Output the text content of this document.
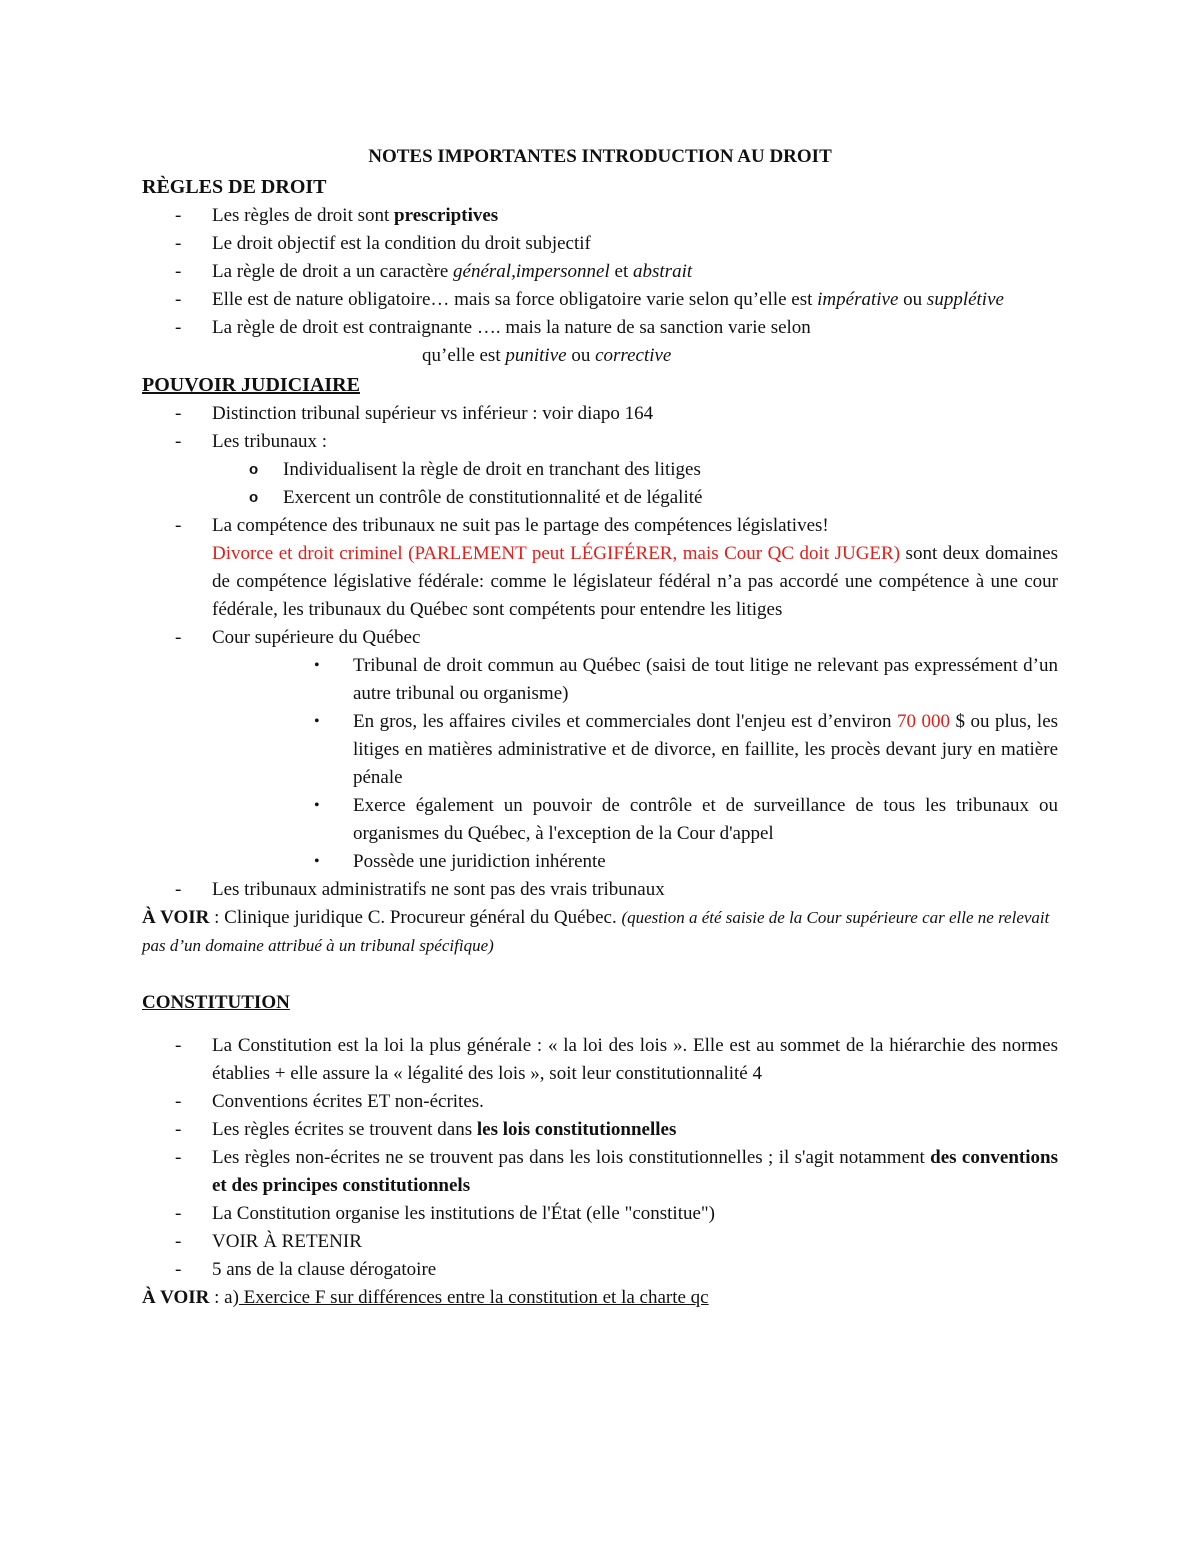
NOTES IMPORTANTES INTRODUCTION AU DROIT

RÈGLES DE DROIT

- Les règles de droit sont prescriptives
- Le droit objectif est la condition du droit subjectif
- La règle de droit a un caractère général,impersonnel et abstrait
- Elle est de nature obligatoire… mais sa force obligatoire varie selon qu’elle est impérative ou supplétive
- La règle de droit est contraignante …. mais la nature de sa sanction varie selon
qu’elle est punitive ou corrective

POUVOIR JUDICIAIRE

- Distinction tribunal supérieur vs inférieur : voir diapo 164
- Les tribunaux :
o Individualisent la règle de droit en tranchant des litiges
o Exercent un contrôle de constitutionnalité et de légalité
- La compétence des tribunaux ne suit pas le partage des compétences législatives!
Divorce et droit criminel (PARLEMENT peut LÉGIFÉRER, mais Cour QC doit JUGER) sont deux domaines de compétence législative fédérale: comme le législateur fédéral n’a pas accordé une compétence à une cour fédérale, les tribunaux du Québec sont compétents pour entendre les litiges
- Cour supérieure du Québec
• Tribunal de droit commun au Québec (saisi de tout litige ne relevant pas expressément d’un autre tribunal ou organisme)
• En gros, les affaires civiles et commerciales dont l'enjeu est d’environ 70 000 $ ou plus, les litiges en matières administrative et de divorce, en faillite, les procès devant jury en matière pénale
• Exerce également un pouvoir de contrôle et de surveillance de tous les tribunaux ou organismes du Québec, à l'exception de la Cour d'appel
• Possède une juridiction inhérente
- Les tribunaux administratifs ne sont pas des vrais tribunaux

À VOIR : Clinique juridique C. Procureur général du Québec. (question a été saisie de la Cour supérieure car elle ne relevait pas d’un domaine attribué à un tribunal spécifique)

CONSTITUTION

- La Constitution est la loi la plus générale : « la loi des lois ». Elle est au sommet de la hiérarchie des normes établies + elle assure la « légalité des lois », soit leur constitutionnalité 4
- Conventions écrites ET non-écrites.
- Les règles écrites se trouvent dans les lois constitutionnelles
- Les règles non-écrites ne se trouvent pas dans les lois constitutionnelles ; il s'agit notamment des conventions et des principes constitutionnels
- La Constitution organise les institutions de l'État (elle "constitue")
- VOIR À RETENIR
- 5 ans de la clause dérogatoire

À VOIR : a) Exercice F sur différences entre la constitution et la charte qc
